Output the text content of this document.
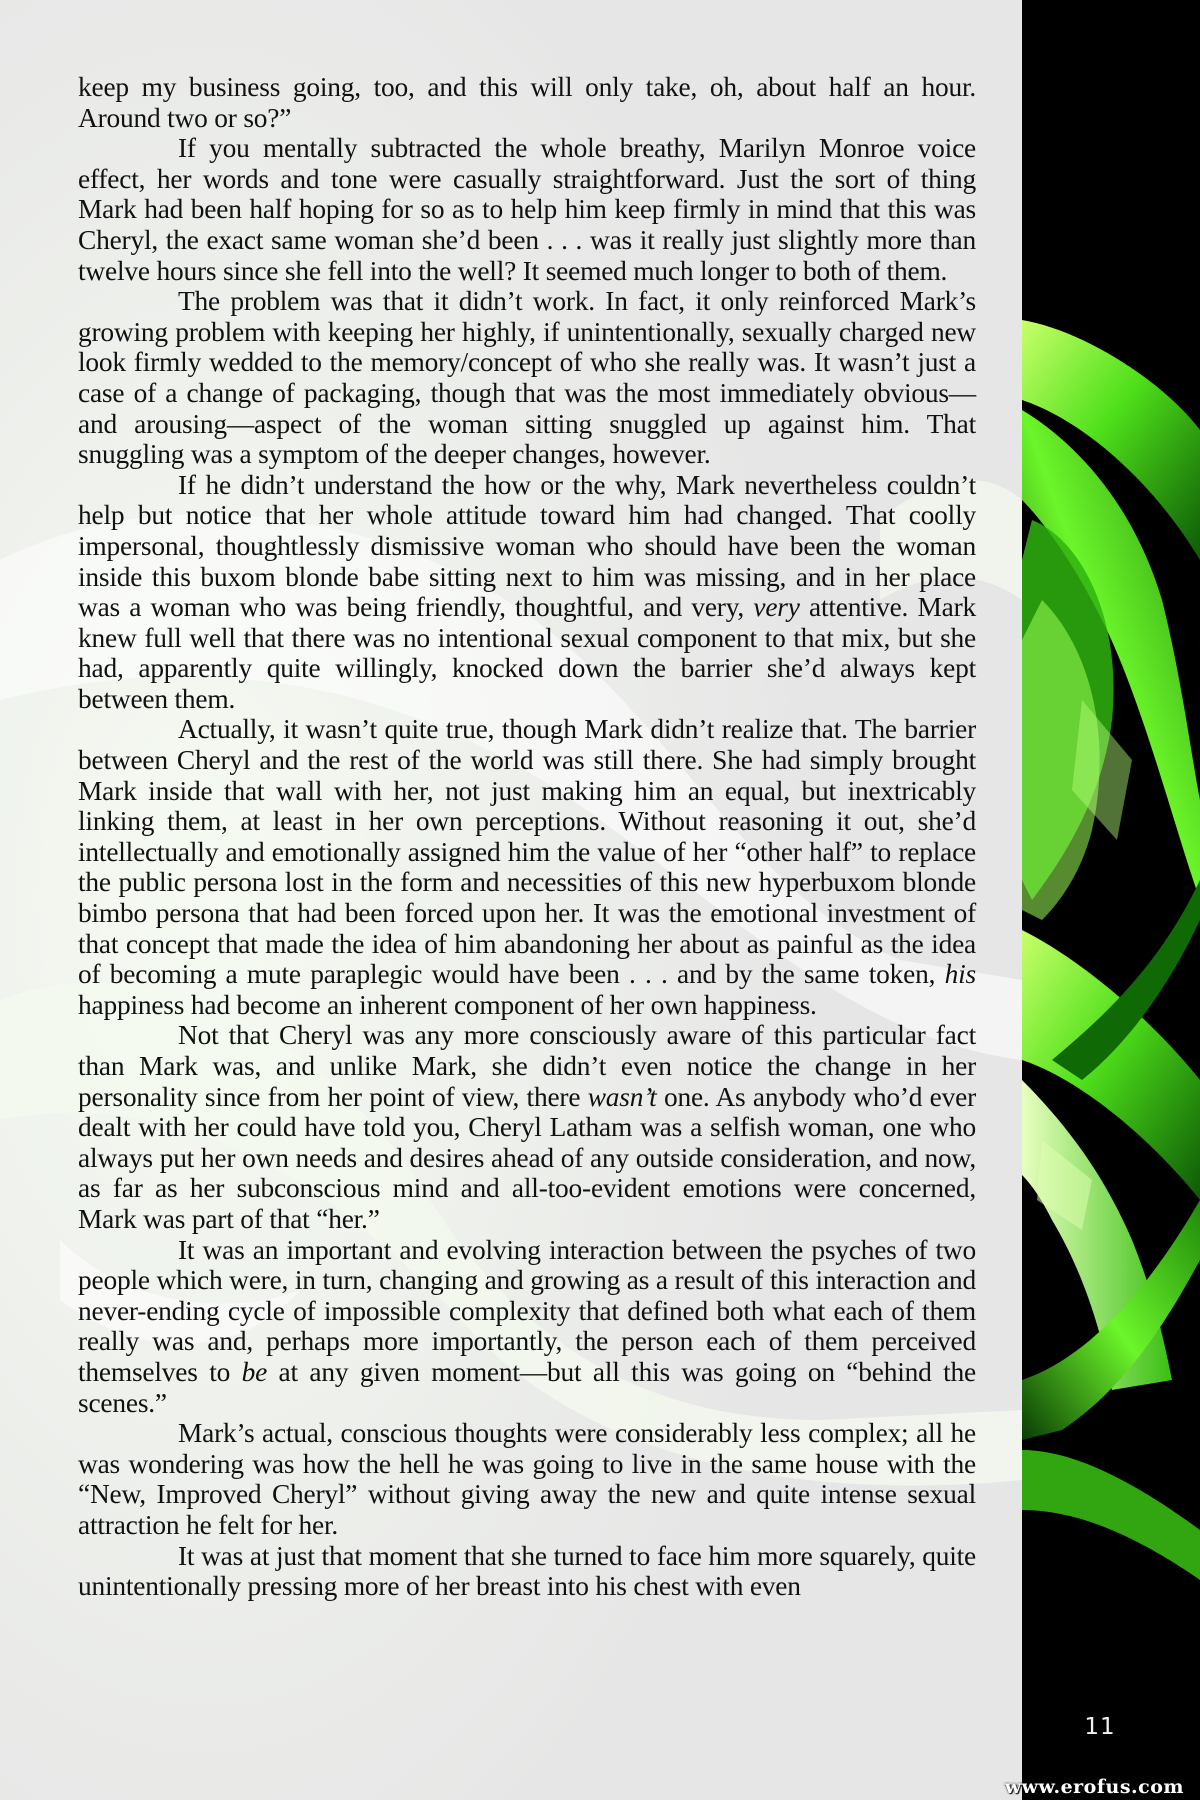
keep my business going, too, and this will only take, oh, about half an hour. Around two or so?”

If you mentally subtracted the whole breathy, Marilyn Monroe voice effect, her words and tone were casually straightforward. Just the sort of thing Mark had been half hoping for so as to help him keep firmly in mind that this was Cheryl, the exact same woman she’d been . . . was it really just slightly more than twelve hours since she fell into the well? It seemed much longer to both of them.

The problem was that it didn’t work. In fact, it only reinforced Mark’s growing problem with keeping her highly, if unintentionally, sexually charged new look firmly wedded to the memory/concept of who she really was. It wasn’t just a case of a change of packaging, though that was the most immediately obvious—and arousing—aspect of the woman sitting snuggled up against him. That snuggling was a symptom of the deeper changes, however.

If he didn’t understand the how or the why, Mark nevertheless couldn’t help but notice that her whole attitude toward him had changed. That coolly impersonal, thoughtlessly dismissive woman who should have been the woman inside this buxom blonde babe sitting next to him was missing, and in her place was a woman who was being friendly, thoughtful, and very, very attentive. Mark knew full well that there was no intentional sexual component to that mix, but she had, apparently quite willingly, knocked down the barrier she’d always kept between them.

Actually, it wasn’t quite true, though Mark didn’t realize that. The barrier between Cheryl and the rest of the world was still there. She had simply brought Mark inside that wall with her, not just making him an equal, but inextricably linking them, at least in her own perceptions. Without reasoning it out, she’d intellectually and emotionally assigned him the value of her “other half” to replace the public persona lost in the form and necessities of this new hyperbuxom blonde bimbo persona that had been forced upon her. It was the emotional investment of that concept that made the idea of him abandoning her about as painful as the idea of becoming a mute paraplegic would have been . . . and by the same token, his happiness had become an inherent component of her own happiness.

Not that Cheryl was any more consciously aware of this particular fact than Mark was, and unlike Mark, she didn’t even notice the change in her personality since from her point of view, there wasn’t one. As anybody who’d ever dealt with her could have told you, Cheryl Latham was a selfish woman, one who always put her own needs and desires ahead of any outside consideration, and now, as far as her subconscious mind and all-too-evident emotions were concerned, Mark was part of that “her.”

It was an important and evolving interaction between the psyches of two people which were, in turn, changing and growing as a result of this interaction and never-ending cycle of impossible complexity that defined both what each of them really was and, perhaps more importantly, the person each of them perceived themselves to be at any given moment—but all this was going on “behind the scenes.”

Mark’s actual, conscious thoughts were considerably less complex; all he was wondering was how the hell he was going to live in the same house with the “New, Improved Cheryl” without giving away the new and quite intense sexual attraction he felt for her.

It was at just that moment that she turned to face him more squarely, quite unintentionally pressing more of her breast into his chest with even

11
www.erofus.com
